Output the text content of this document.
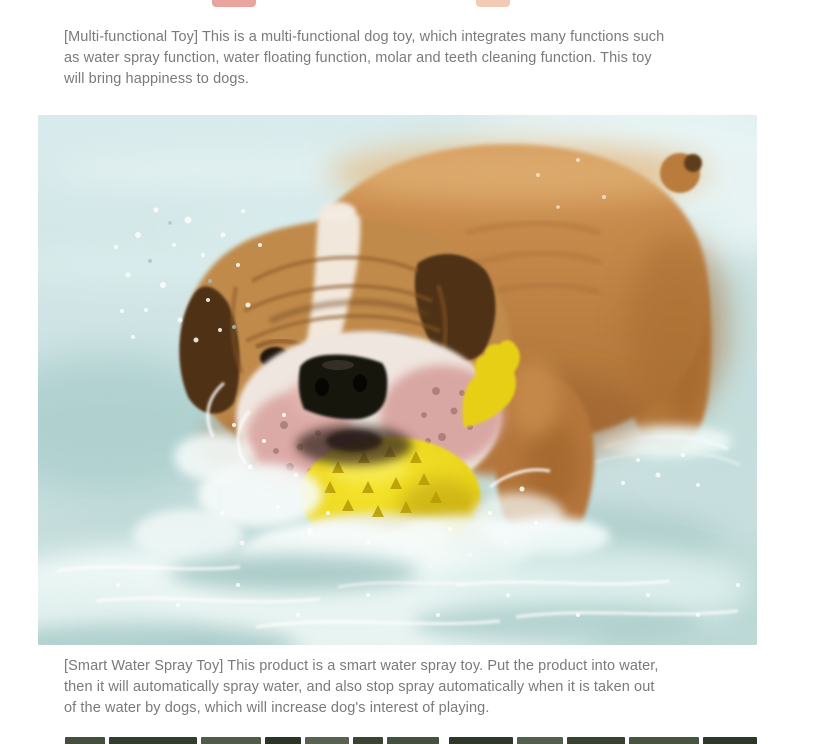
[Multi-functional Toy] This is a multi-functional dog toy, which integrates many functions such
as water spray function, water floating function, molar and teeth cleaning function. This toy
will bring happiness to dogs.

[Smart Water Spray Toy] This product is a smart water spray toy. Put the product into water,
then it will automatically spray water, and also stop spray automatically when it is taken out
of the water by dogs, which will increase dog's interest of playing.
